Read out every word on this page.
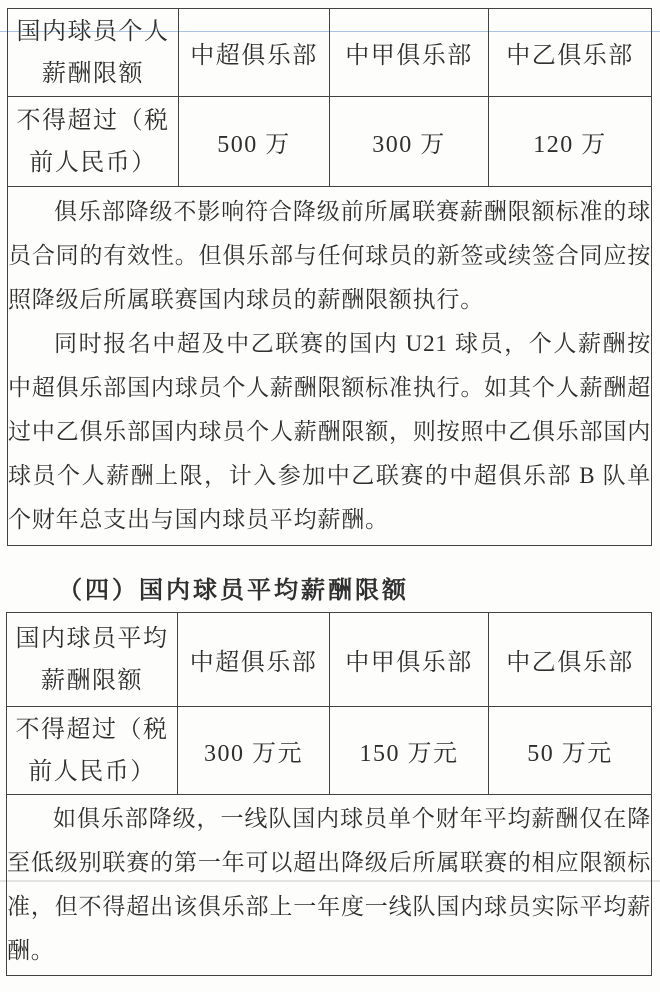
国内球员个人
薪酬限额	中超俱乐部	中甲俱乐部	中乙俱乐部

不得超过（税
前人民币）	500 万	300 万	120 万

俱乐部降级不影响符合降级前所属联赛薪酬限额标准的球员合同的有效性。但俱乐部与任何球员的新签或续签合同应按照降级后所属联赛国内球员的薪酬限额执行。

同时报名中超及中乙联赛的国内 U21 球员，个人薪酬按中超俱乐部国内球员个人薪酬限额标准执行。如其个人薪酬超过中乙俱乐部国内球员个人薪酬限额，则按照中乙俱乐部国内球员个人薪酬上限，计入参加中乙联赛的中超俱乐部 B 队单个财年总支出与国内球员平均薪酬。			

（四）国内球员平均薪酬限额
国内球员平均
薪酬限额	中超俱乐部	中甲俱乐部	中乙俱乐部

不得超过（税
前人民币）	300 万元	150 万元	50 万元

如俱乐部降级，一线队国内球员单个财年平均薪酬仅在降至低级别联赛的第一年可以超出降级后所属联赛的相应限额标准，但不得超出该俱乐部上一年度一线队国内球员实际平均薪酬。			
